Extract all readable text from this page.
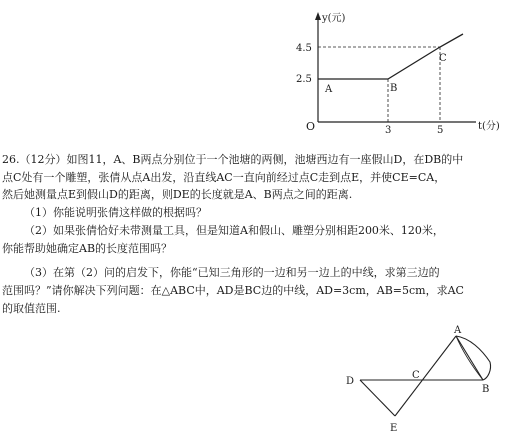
y(元)
t(分)
O
4.5
2.5
3	5
A	B
C
D
C
A
B
E
26.（12分）如图11，A、B两点分别位于一个池塘的两侧，池塘西边有一座假山D，在DB的中
点C处有一个雕塑，张倩从点A出发，沿直线AC一直向前经过点C走到点E，并使CE=CA，
然后她测量点E到假山D的距离，则DE的长度就是A、B两点之间的距离.
（1）你能说明张倩这样做的根据吗？
（2）如果张倩恰好未带测量工具，但是知道A和假山、雕塑分别相距200米、120米，
你能帮助她确定AB的长度范围吗？
（3）在第（2）问的启发下，你能“已知三角形的一边和另一边上的中线，求第三边的
范围吗？”请你解决下列问题：在△ABC中，AD是BC边的中线，AD=3cm，AB=5cm，求AC
的取值范围.
